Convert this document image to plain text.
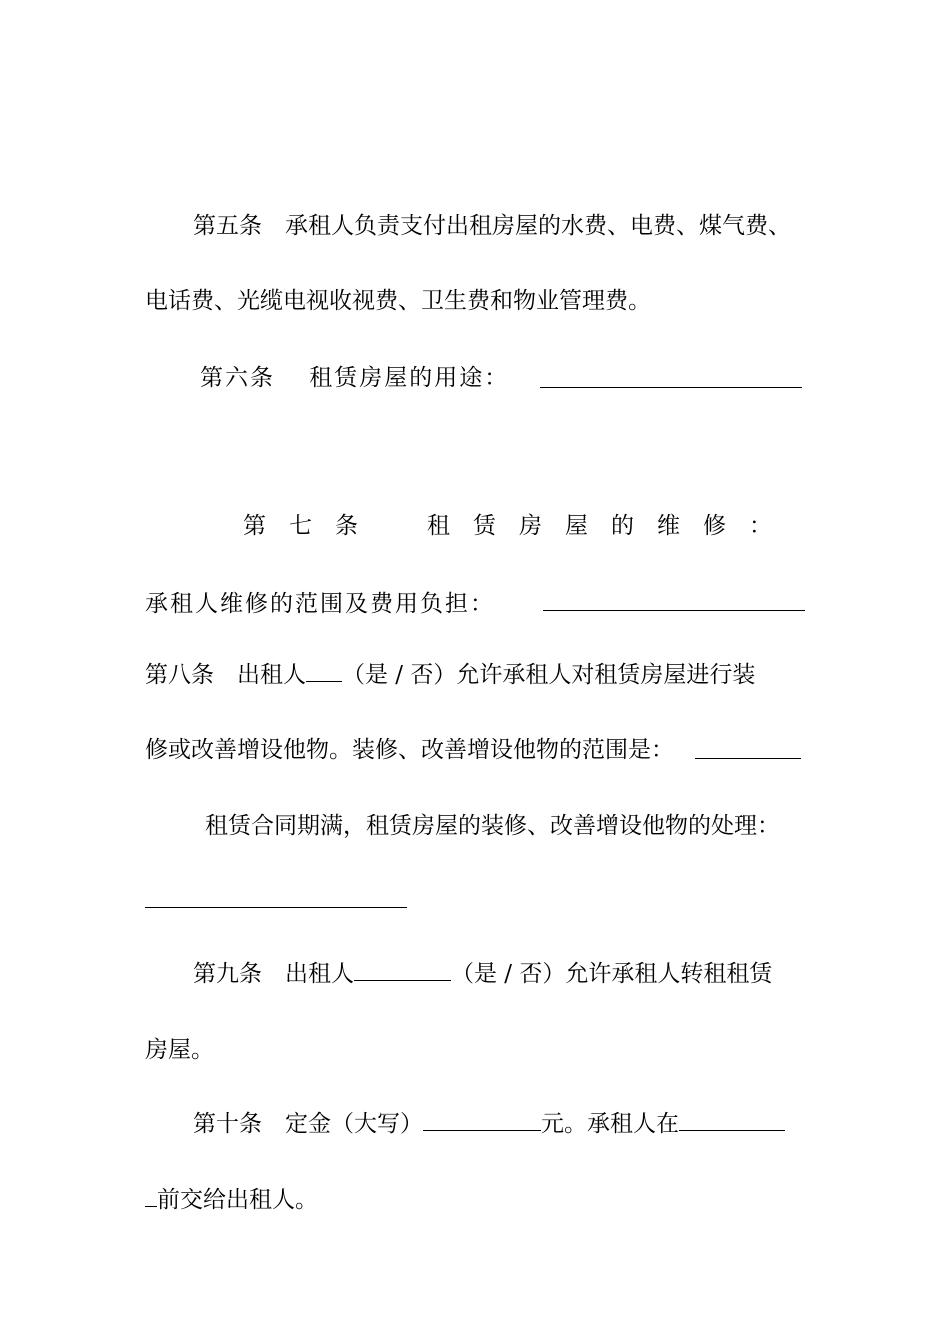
第五条　承租人负责支付出租房屋的水费、电费、煤气费、
电话费、光缆电视收视费、卫生费和物业管理费。
第六条　 租赁房屋的用途：
第　七　条　　　租　赁　房　屋　的　维　修　：
承租人维修的范围及费用负担：
第八条　出租人 （是 / 否）允许承租人对租赁房屋进行装
修或改善增设他物。装修、改善增设他物的范围是：
租赁合同期满，租赁房屋的装修、改善增设他物的处理：
第九条　出租人	（是 / 否）允许承租人转租租赁
房屋。
第十条　定金（大写）	元。承租人在
前交给出租人。
